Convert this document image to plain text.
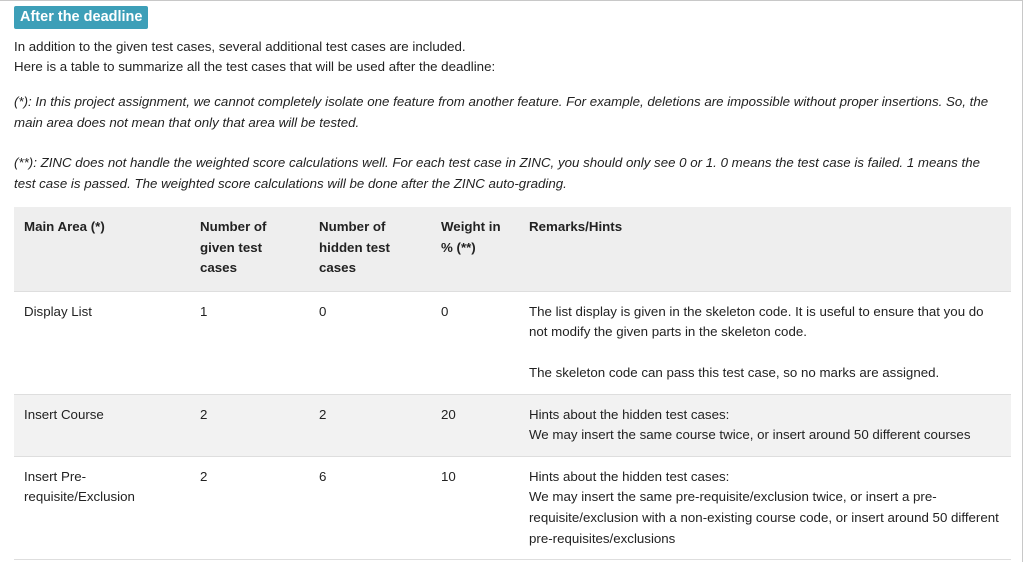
After the deadline

In addition to the given test cases, several additional test cases are included.

Here is a table to summarize all the test cases that will be used after the deadline:

(*): In this project assignment, we cannot completely isolate one feature from another feature. For example, deletions are impossible without proper insertions. So, the main area does not mean that only that area will be tested.

(**): ZINC does not handle the weighted score calculations well. For each test case in ZINC, you should only see 0 or 1. 0 means the test case is failed. 1 means the test case is passed. The weighted score calculations will be done after the ZINC auto-grading.

Main Area (*)	Number of given test cases	Number of hidden test cases	Weight in % (**)	Remarks/Hints
Display List	1	0	0	The list display is given in the skeleton code. It is useful to ensure that you do not modify the given parts in the skeleton code.

The skeleton code can pass this test case, so no marks are assigned.

Insert Course	2	2	20	Hints about the hidden test cases:
We may insert the same course twice, or insert around 50 different courses

Insert Pre-requisite/Exclusion	2	6	10	Hints about the hidden test cases:
We may insert the same pre-requisite/exclusion twice, or insert a pre-requisite/exclusion with a non-existing course code, or insert around 50 different pre-requisites/exclusions
